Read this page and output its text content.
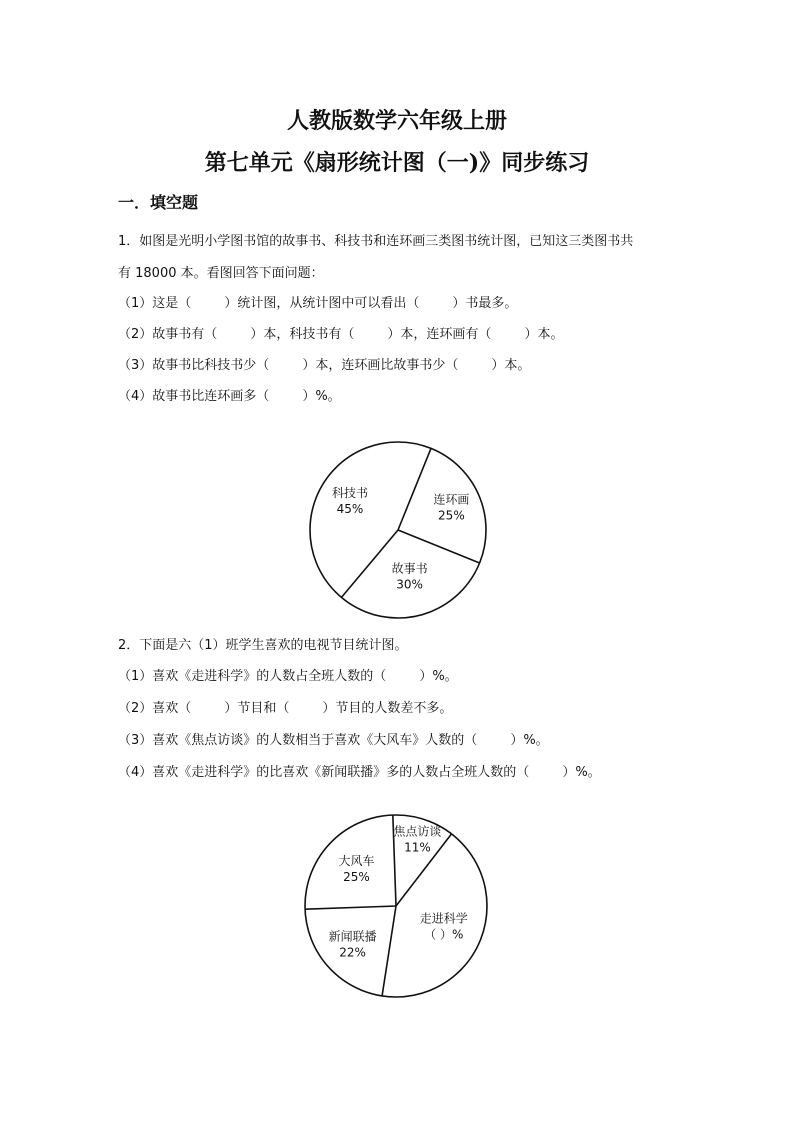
人教版数学六年级上册
第七单元《扇形统计图（一)》同步练习
一．填空题
1．如图是光明小学图书馆的故事书、科技书和连环画三类图书统计图，已知这三类图书共
有 18000 本。看图回答下面问题：
（1）这是（        ）统计图，从统计图中可以看出（        ）书最多。
（2）故事书有（        ）本，科技书有（        ）本，连环画有（        ）本。
（3）故事书比科技书少（        ）本，连环画比故事书少（        ）本。
（4）故事书比连环画多（        ）%。
连环画
25%
故事书
30%
科技书
45%
2．下面是六（1）班学生喜欢的电视节目统计图。
（1）喜欢《走进科学》的人数占全班人数的（        ）%。
（2）喜欢（        ）节目和（        ）节目的人数差不多。
（3）喜欢《焦点访谈》的人数相当于喜欢《大风车》人数的（        ）%。
（4）喜欢《走进科学》的比喜欢《新闻联播》多的人数占全班人数的（        ）%。
焦点访谈
11%
走进科学
（ ）%
新闻联播
22%
大风车
25%
